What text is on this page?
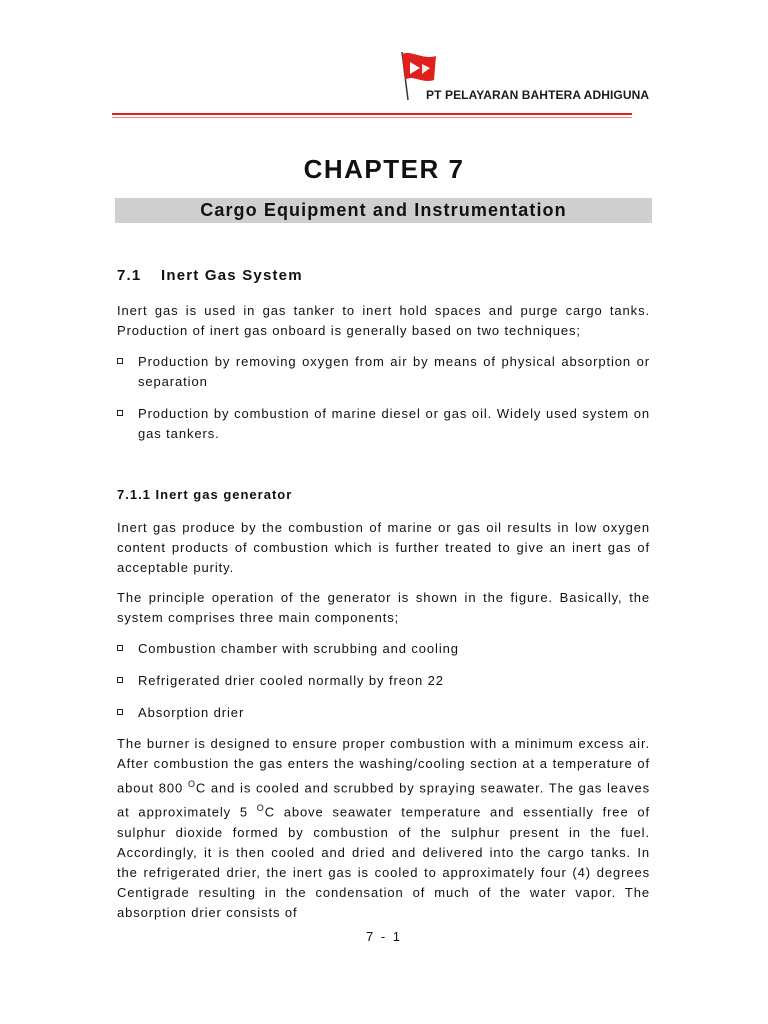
PT PELAYARAN BAHTERA ADHIGUNA
CHAPTER 7
Cargo Equipment and Instrumentation
7.1 Inert Gas System

Inert gas is used in gas tanker to inert hold spaces and purge cargo tanks. Production of inert gas onboard is generally based on two techniques;

Production by removing oxygen from air by means of physical absorption or separation
Production by combustion of marine diesel or gas oil. Widely used system on gas tankers.
7.1.1 Inert gas generator

Inert gas produce by the combustion of marine or gas oil results in low oxygen content products of combustion which is further treated to give an inert gas of acceptable purity.

The principle operation of the generator is shown in the figure. Basically, the system comprises three main components;

Combustion chamber with scrubbing and cooling
Refrigerated drier cooled normally by freon 22
Absorption drier

The burner is designed to ensure proper combustion with a minimum excess air. After combustion the gas enters the washing/cooling section at a temperature of about 800 $^O$C and is cooled and scrubbed by spraying seawater. The gas leaves at approximately 5 $^O$C above seawater temperature and essentially free of sulphur dioxide formed by combustion of the sulphur present in the fuel. Accordingly, it is then cooled and dried and delivered into the cargo tanks. In the refrigerated drier, the inert gas is cooled to approximately four (4) degrees Centigrade resulting in the condensation of much of the water vapor. The absorption drier consists of

7 - 1
